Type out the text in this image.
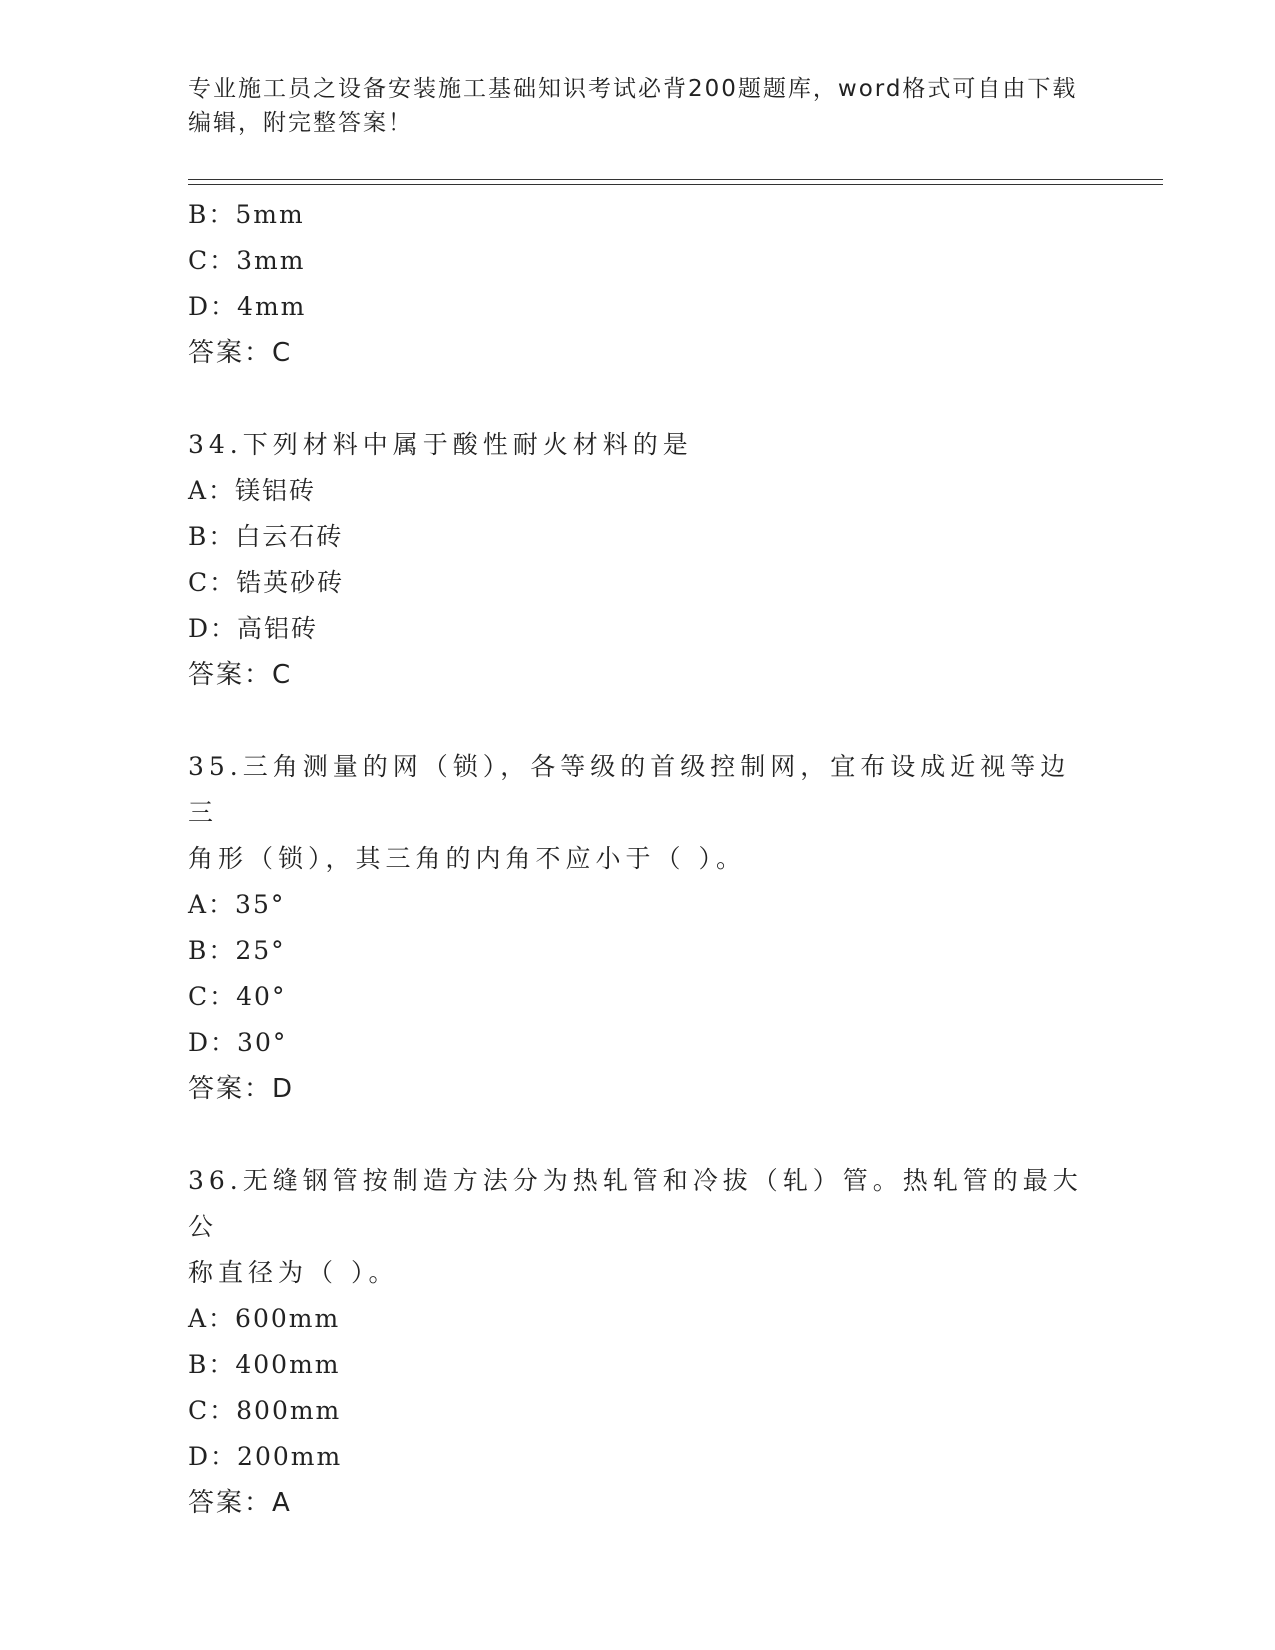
专业施工员之设备安装施工基础知识考试必背200题题库，word格式可自由下载
编辑，附完整答案！
B：5mm
C：3mm
D：4mm
答案：C
34.下列材料中属于酸性耐火材料的是
A：镁铝砖
B：白云石砖
C：锆英砂砖
D：高铝砖
答案：C
35.三角测量的网（锁），各等级的首级控制网，宜布设成近视等边三
角形（锁），其三角的内角不应小于（ ）。
A：35°
B：25°
C：40°
D：30°
答案：D
36.无缝钢管按制造方法分为热轧管和冷拔（轧）管。热轧管的最大公
称直径为（ ）。
A：600mm
B：400mm
C：800mm
D：200mm
答案：A
